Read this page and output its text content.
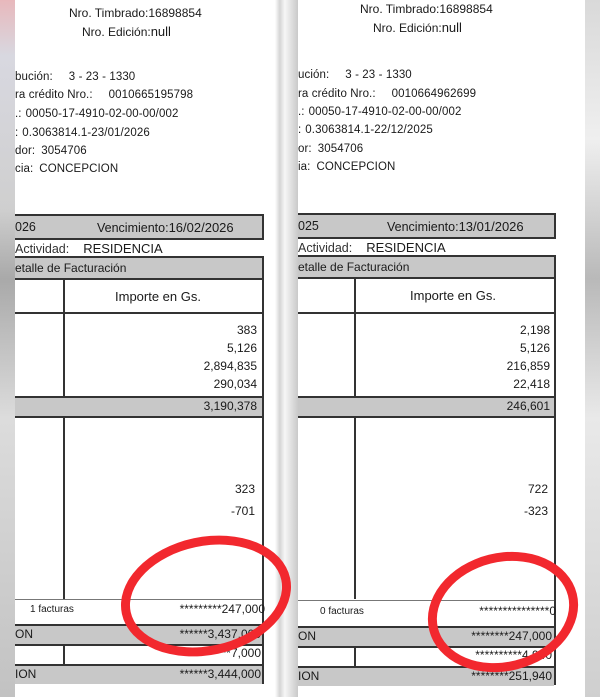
Nro. Timbrado:16898854
Nro. Edición:null
bución: 3 - 23 - 1330
ra crédito Nro.: 0010665195798
.: 00050-17-4910-02-00-00/002
: 0.3063814.1-23/01/2026
dor: 3054706
cia: CONCEPCION
026	Vencimiento:16/02/2026
Actividad: RESIDENCIA
etalle de Facturación
Importe en Gs.
383
5,126
2,894,835
290,034
3,190,378
323
-701
1 facturas	*********247,000
ON	******3,437,000
**********7,000
ION	******3,444,000
Nro. Timbrado:16898854
Nro. Edición:null
ución: 3 - 23 - 1330
ra crédito Nro.: 0010664962699
.: 00050-17-4910-02-00-00/002
: 0.3063814.1-22/12/2025
or: 3054706
ia: CONCEPCION
025	Vencimiento:13/01/2026
Actividad: RESIDENCIA
etalle de Facturación
Importe en Gs.
2,198
5,126
216,859
22,418
246,601
722
-323
0 facturas	***************0
ON	********247,000
**********4,940
ION	********251,940
